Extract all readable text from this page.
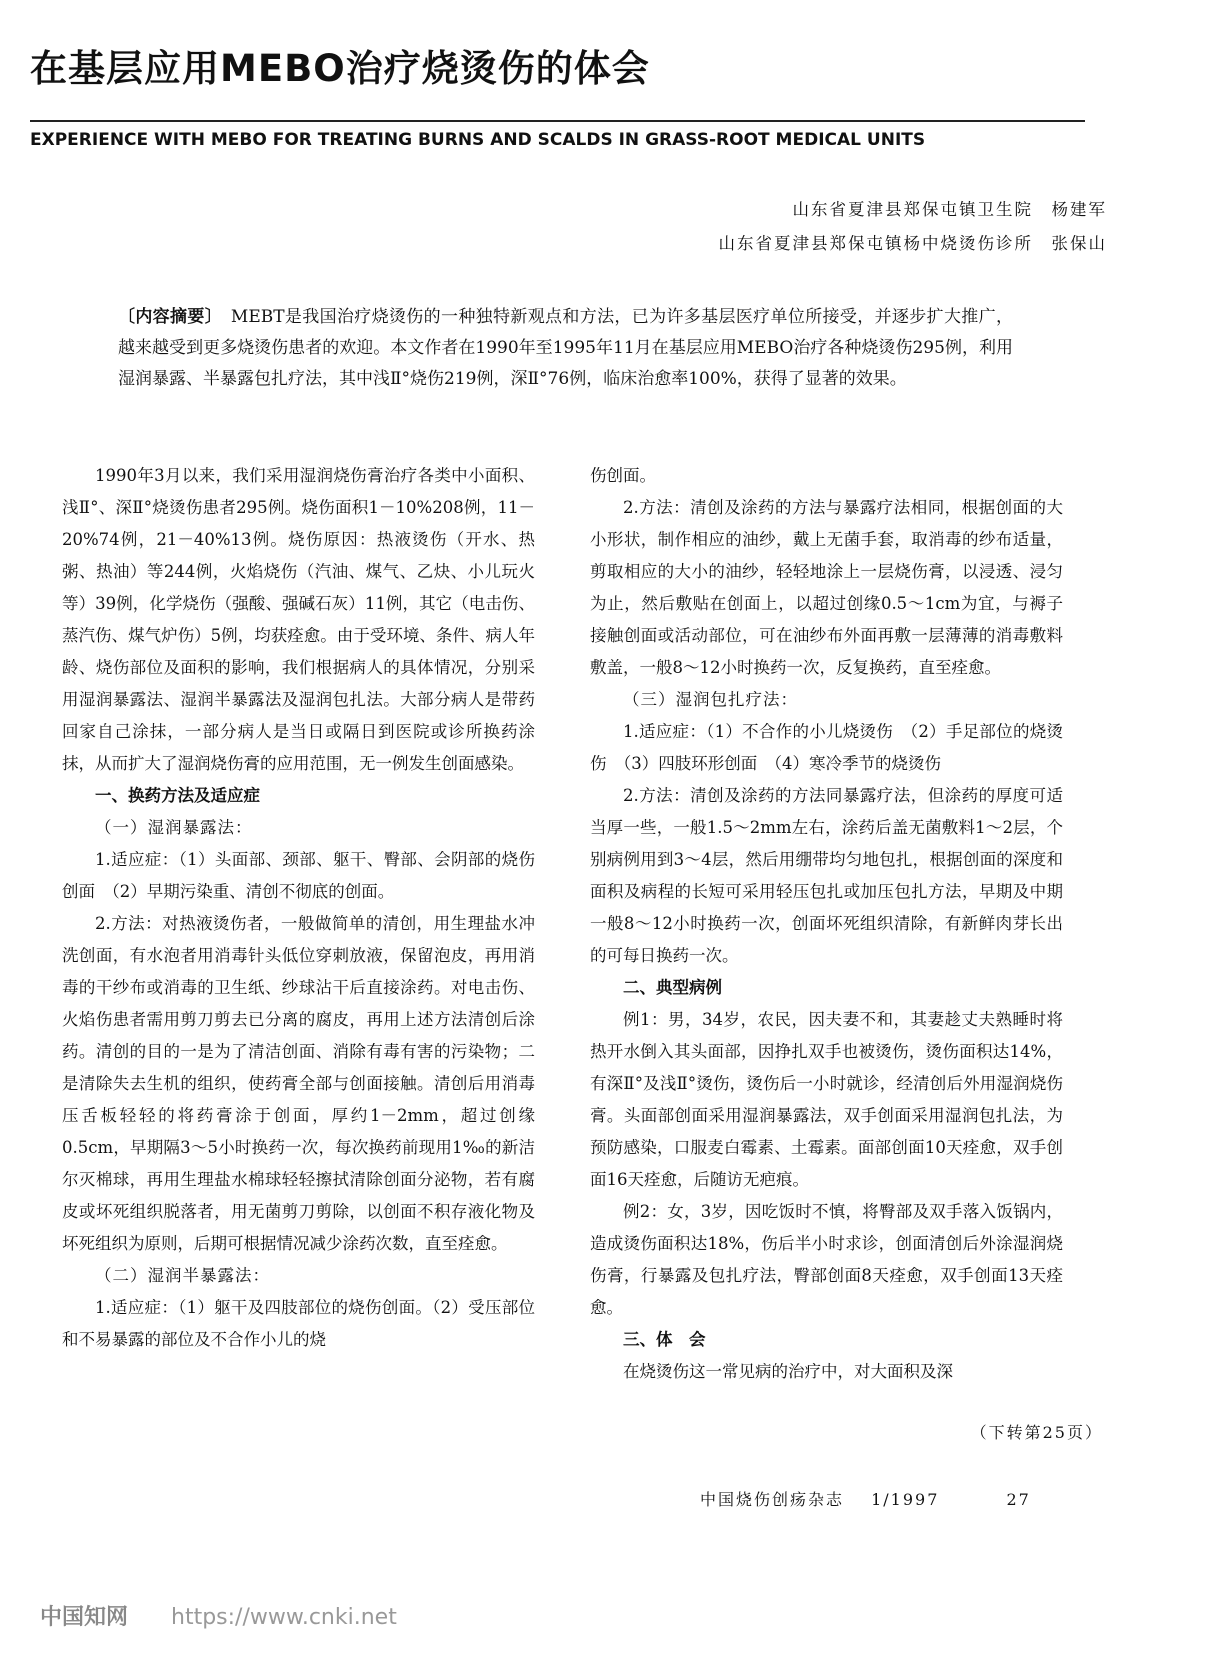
在基层应用MEBO治疗烧烫伤的体会
EXPERIENCE WITH MEBO FOR TREATING BURNS AND SCALDS IN GRASS-ROOT MEDICAL UNITS
山东省夏津县郑保屯镇卫生院　杨建军
山东省夏津县郑保屯镇杨中烧烫伤诊所　张保山

〔内容摘要〕　 MEBT是我国治疗烧烫伤的一种独特新观点和方法，已为许多基层医疗单位所接受，并逐步扩大推广，越来越受到更多烧烫伤患者的欢迎。本文作者在1990年至1995年11月在基层应用MEBO治疗各种烧烫伤295例，利用湿润暴露、半暴露包扎疗法，其中浅Ⅱ°烧伤219例，深Ⅱ°76例，临床治愈率100%，获得了显著的效果。

1990年3月以来，我们采用湿润烧伤膏治疗各类中小面积、浅Ⅱ°、深Ⅱ°烧烫伤患者295例。烧伤面积1－10%208例，11－20%74例，21－40%13例。烧伤原因：热液烫伤（开水、热粥、热油）等244例，火焰烧伤（汽油、煤气、乙炔、小儿玩火等）39例，化学烧伤（强酸、强碱石灰）11例，其它（电击伤、蒸汽伤、煤气炉伤）5例，均获痊愈。由于受环境、条件、病人年龄、烧伤部位及面积的影响，我们根据病人的具体情况，分别采用湿润暴露法、湿润半暴露法及湿润包扎法。大部分病人是带药回家自己涂抹，一部分病人是当日或隔日到医院或诊所换药涂抹，从而扩大了湿润烧伤膏的应用范围，无一例发生创面感染。

一、换药方法及适应症

（一）湿润暴露法：

1.适应症：（1）头面部、颈部、躯干、臀部、会阴部的烧伤创面　（2）早期污染重、清创不彻底的创面。

2.方法：对热液烫伤者，一般做简单的清创，用生理盐水冲洗创面，有水泡者用消毒针头低位穿刺放液，保留泡皮，再用消毒的干纱布或消毒的卫生纸、纱球沾干后直接涂药。对电击伤、火焰伤患者需用剪刀剪去已分离的腐皮，再用上述方法清创后涂药。清创的目的一是为了清洁创面、消除有毒有害的污染物；二是清除失去生机的组织，使药膏全部与创面接触。清创后用消毒压舌板轻轻的将药膏涂于创面，厚约1－2mm，超过创缘0.5cm，早期隔3～5小时换药一次，每次换药前现用1‰的新洁尔灭棉球，再用生理盐水棉球轻轻擦拭清除创面分泌物，若有腐皮或坏死组织脱落者，用无菌剪刀剪除，以创面不积存液化物及坏死组织为原则，后期可根据情况减少涂药次数，直至痊愈。

（二）湿润半暴露法：

1.适应症：（1）躯干及四肢部位的烧伤创面。（2）受压部位和不易暴露的部位及不合作小儿的烧

伤创面。

2.方法：清创及涂药的方法与暴露疗法相同，根据创面的大小形状，制作相应的油纱，戴上无菌手套，取消毒的纱布适量，剪取相应的大小的油纱，轻轻地涂上一层烧伤膏，以浸透、浸匀为止，然后敷贴在创面上，以超过创缘0.5～1cm为宜，与褥子接触创面或活动部位，可在油纱布外面再敷一层薄薄的消毒敷料敷盖，一般8～12小时换药一次，反复换药，直至痊愈。

（三）湿润包扎疗法：

1.适应症：（1）不合作的小儿烧烫伤　（2）手足部位的烧烫伤　（3）四肢环形创面　（4）寒冷季节的烧烫伤

2.方法：清创及涂药的方法同暴露疗法，但涂药的厚度可适当厚一些，一般1.5～2mm左右，涂药后盖无菌敷料1～2层，个别病例用到3～4层，然后用绷带均匀地包扎，根据创面的深度和面积及病程的长短可采用轻压包扎或加压包扎方法，早期及中期一般8～12小时换药一次，创面坏死组织清除，有新鲜肉芽长出的可每日换药一次。

二、典型病例

例1：男，34岁，农民，因夫妻不和，其妻趁丈夫熟睡时将热开水倒入其头面部，因挣扎双手也被烫伤，烫伤面积达14%，有深Ⅱ°及浅Ⅱ°烫伤，烫伤后一小时就诊，经清创后外用湿润烧伤膏。头面部创面采用湿润暴露法，双手创面采用湿润包扎法，为预防感染，口服麦白霉素、土霉素。面部创面10天痊愈，双手创面16天痊愈，后随访无疤痕。

例2：女，3岁，因吃饭时不慎，将臀部及双手落入饭锅内，造成烫伤面积达18%，伤后半小时求诊，创面清创后外涂湿润烧伤膏，行暴露及包扎疗法，臀部创面8天痊愈，双手创面13天痊愈。

三、体　会

在烧烫伤这一常见病的治疗中，对大面积及深

（下转第25页）
中国烧伤创疡杂志 1/1997	27
中国知网 https://www.cnki.net
